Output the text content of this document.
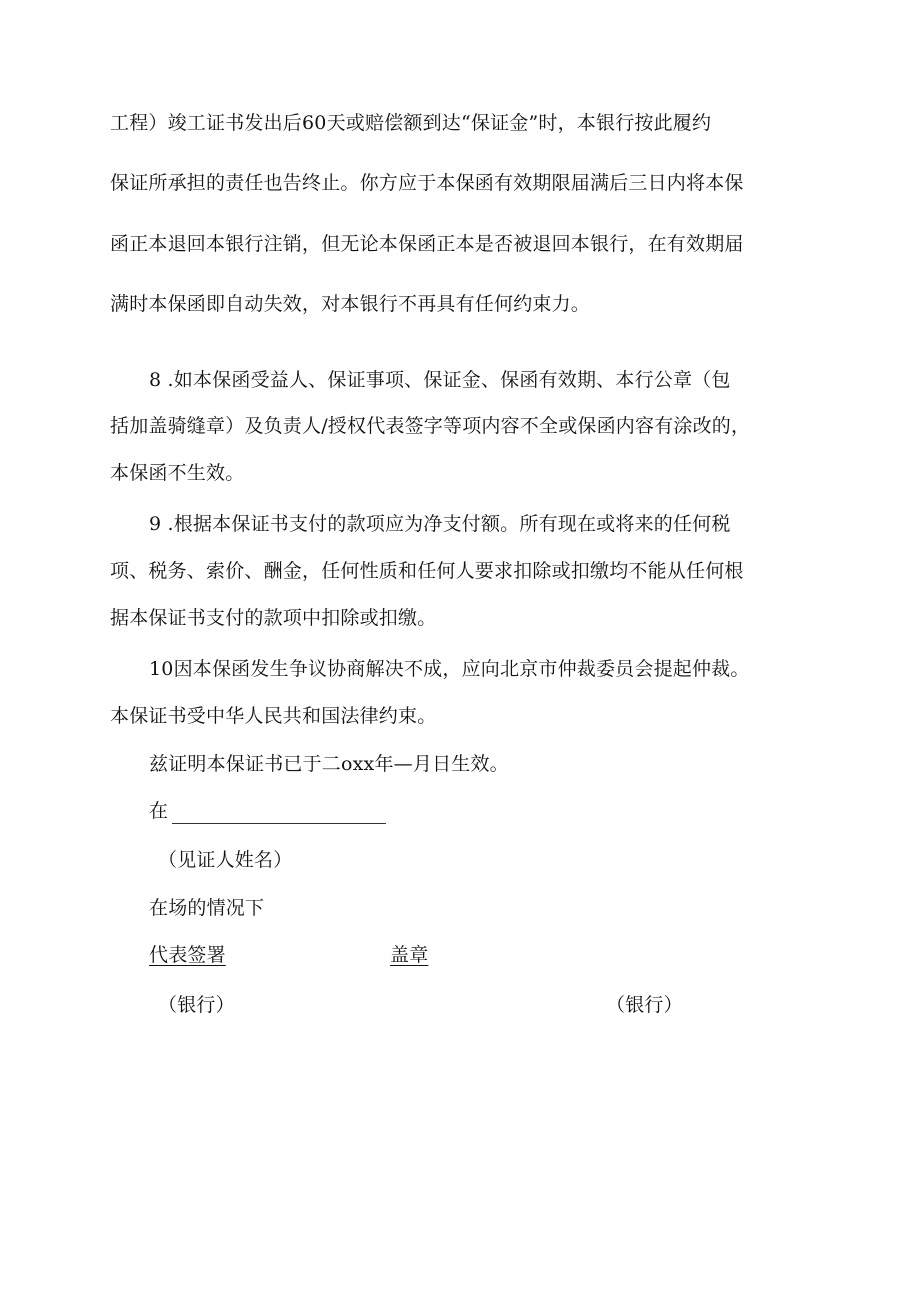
工程）竣工证书发出后60天或赔偿额到达“保证金”时，本银行按此履约
保证所承担的责任也告终止。你方应于本保函有效期限届满后三日内将本保
函正本退回本银行注销，但无论本保函正本是否被退回本银行，在有效期届
满时本保函即自动失效，对本银行不再具有任何约束力。
8 .如本保函受益人、保证事项、保证金、保函有效期、本行公章（包
括加盖骑缝章）及负责人/授权代表签字等项内容不全或保函内容有涂改的，
本保函不生效。
9 .根据本保证书支付的款项应为净支付额。所有现在或将来的任何税
项、税务、索价、酬金，任何性质和任何人要求扣除或扣缴均不能从任何根
据本保证书支付的款项中扣除或扣缴。
10因本保函发生争议协商解决不成，应向北京市仲裁委员会提起仲裁。
本保证书受中华人民共和国法律约束。
兹证明本保证书已于二oxx年—月日生效。
在
（见证人姓名）
在场的情况下
代表签署	盖章
（银行）	（银行）
